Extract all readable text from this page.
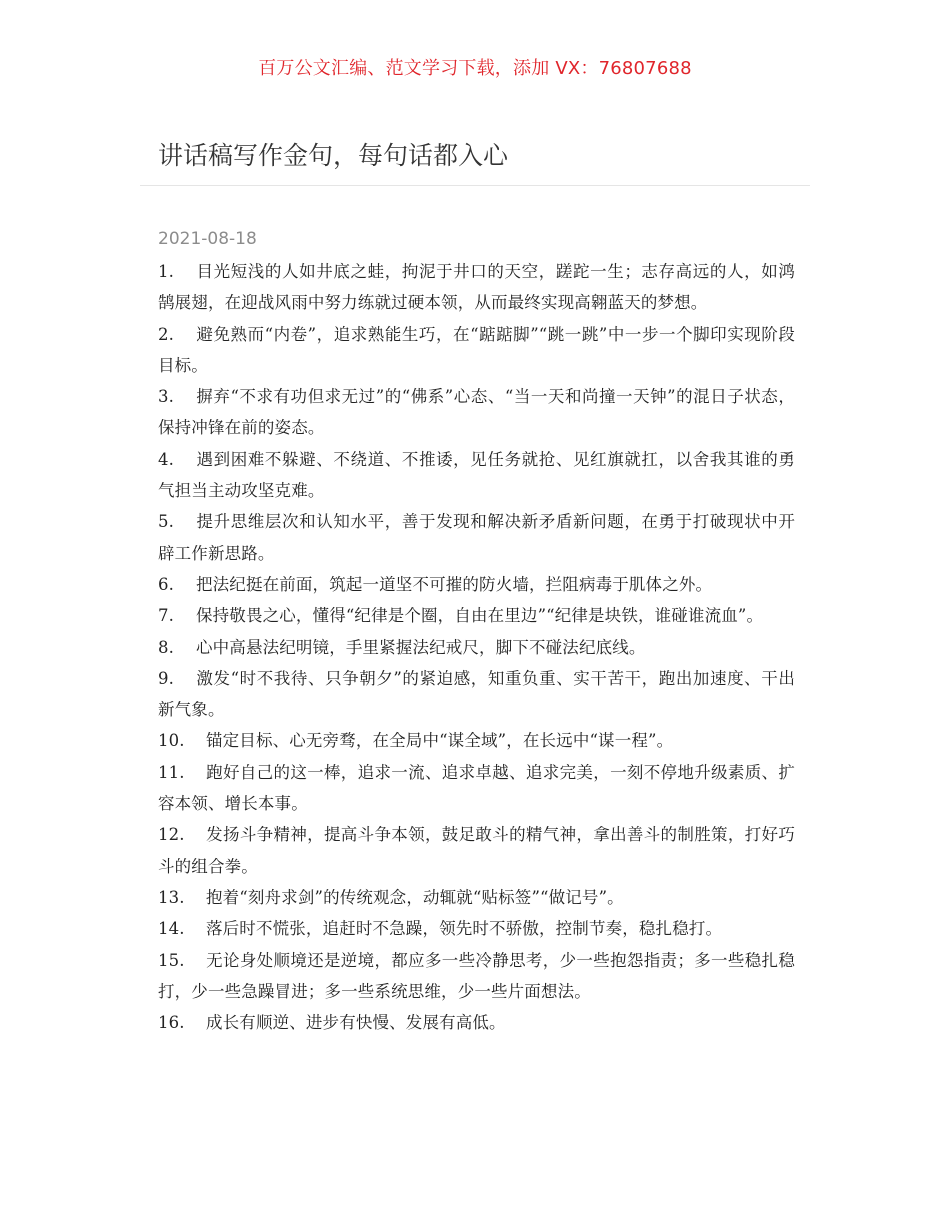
百万公文汇编、范文学习下载，添加 VX：76807688
讲话稿写作金句，每句话都入心
2021-08-18
1. 目光短浅的人如井底之蛙，拘泥于井口的天空，蹉跎一生；志存高远的人，如鸿鹄展翅，在迎战风雨中努力练就过硬本领，从而最终实现高翱蓝天的梦想。
2. 避免熟而“内卷”，追求熟能生巧，在“踮踮脚”“跳一跳”中一步一个脚印实现阶段目标。
3. 摒弃“不求有功但求无过”的“佛系”心态、“当一天和尚撞一天钟”的混日子状态，保持冲锋在前的姿态。
4. 遇到困难不躲避、不绕道、不推诿，见任务就抢、见红旗就扛，以舍我其谁的勇气担当主动攻坚克难。
5. 提升思维层次和认知水平，善于发现和解决新矛盾新问题，在勇于打破现状中开辟工作新思路。
6. 把法纪挺在前面，筑起一道坚不可摧的防火墙，拦阻病毒于肌体之外。
7. 保持敬畏之心，懂得“纪律是个圈，自由在里边”“纪律是块铁，谁碰谁流血”。
8. 心中高悬法纪明镜，手里紧握法纪戒尺，脚下不碰法纪底线。
9. 激发“时不我待、只争朝夕”的紧迫感，知重负重、实干苦干，跑出加速度、干出新气象。
10. 锚定目标、心无旁骛，在全局中“谋全域”，在长远中“谋一程”。
11. 跑好自己的这一棒，追求一流、追求卓越、追求完美，一刻不停地升级素质、扩容本领、增长本事。
12. 发扬斗争精神，提高斗争本领，鼓足敢斗的精气神，拿出善斗的制胜策，打好巧斗的组合拳。
13. 抱着“刻舟求剑”的传统观念，动辄就“贴标签”“做记号”。
14. 落后时不慌张，追赶时不急躁，领先时不骄傲，控制节奏，稳扎稳打。
15. 无论身处顺境还是逆境，都应多一些冷静思考，少一些抱怨指责；多一些稳扎稳打，少一些急躁冒进；多一些系统思维，少一些片面想法。
16. 成长有顺逆、进步有快慢、发展有高低。
